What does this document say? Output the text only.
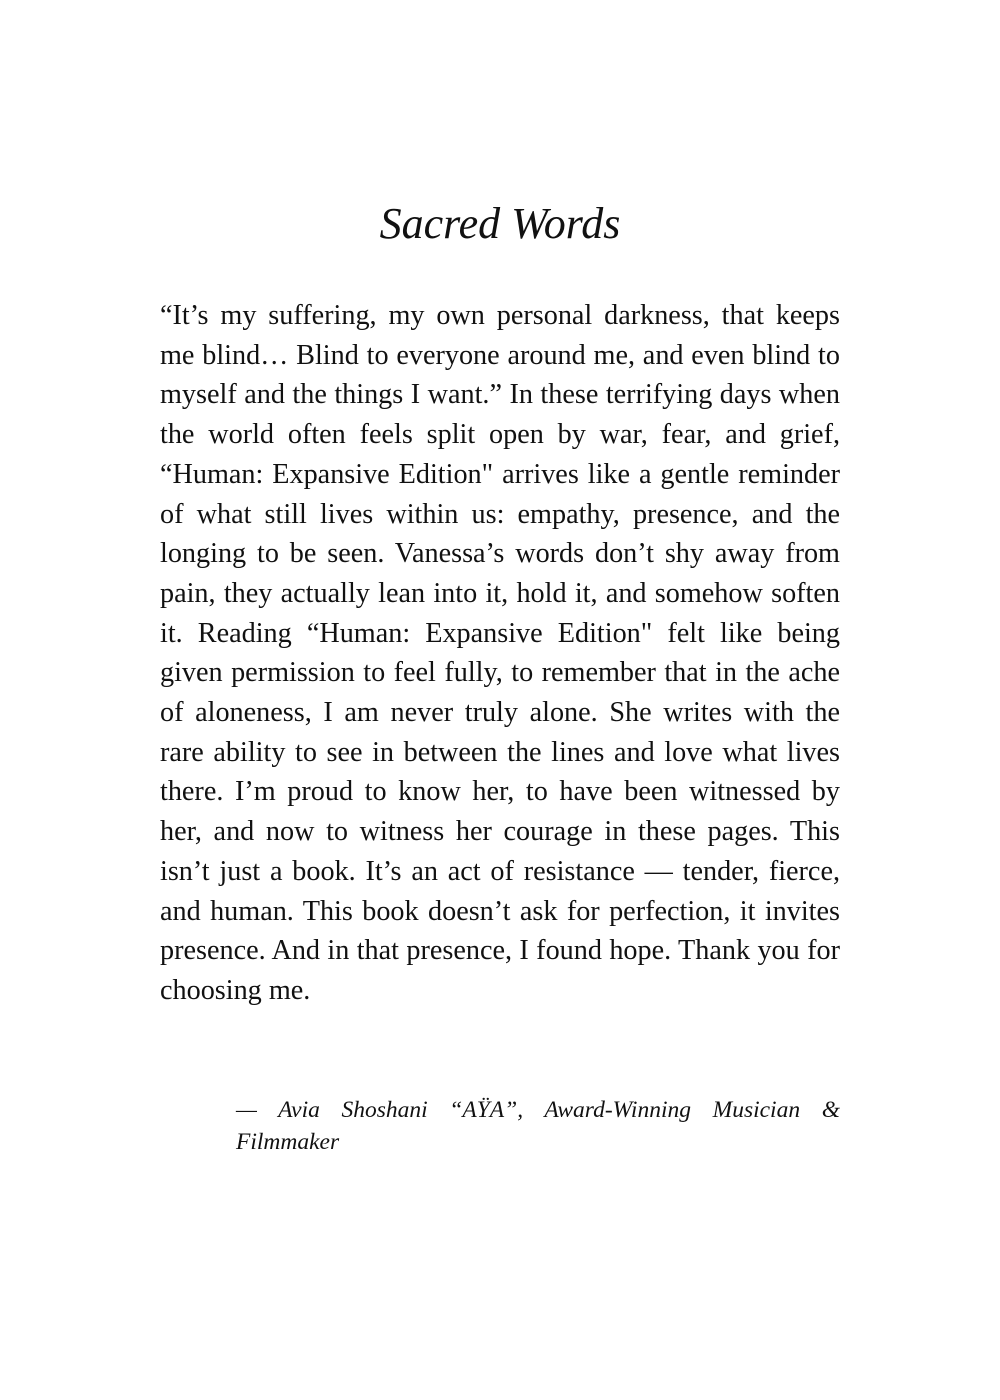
Sacred Words

“It’s my suffering, my own personal darkness, that keeps me blind… Blind to everyone around me, and even blind to myself and the things I want.” In these terrifying days when the world often feels split open by war, fear, and grief, “Human: Expansive Edition" arrives like a gentle reminder of what still lives within us: empathy, presence, and the longing to be seen. Vanessa’s words don’t shy away from pain, they actually lean into it, hold it, and somehow soften it. Reading “Human: Expansive Edition" felt like being given permission to feel fully, to remember that in the ache of aloneness, I am never truly alone. She writes with the rare ability to see in between the lines and love what lives there. I’m proud to know her, to have been witnessed by her, and now to witness her courage in these pages. This isn’t just a book. It’s an act of resistance — tender, fierce, and human. This book doesn’t ask for perfection, it invites presence. And in that presence, I found hope. Thank you for choosing me.

— Avia Shoshani “AŸA”, Award-Winning Musician & Filmmaker
